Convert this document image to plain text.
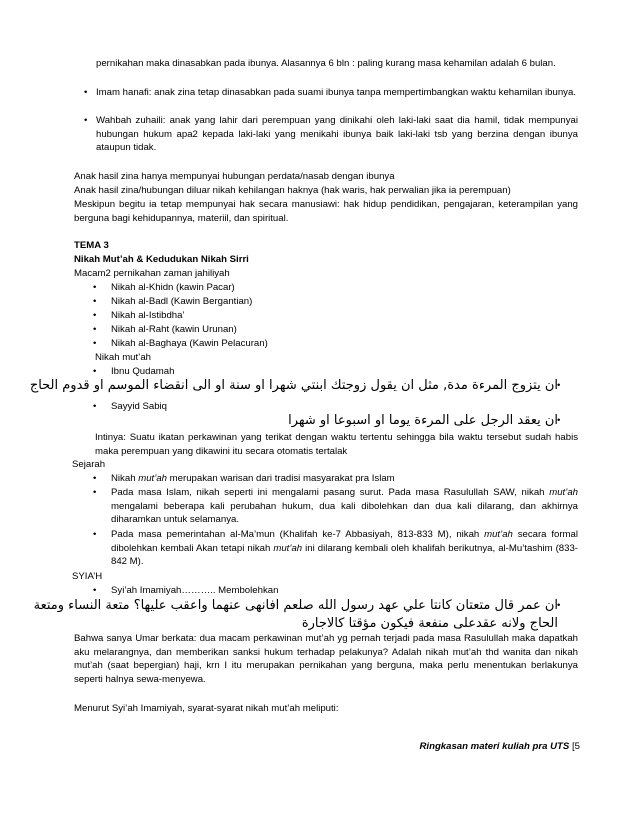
pernikahan maka dinasabkan pada ibunya. Alasannya 6 bln : paling kurang masa kehamilan adalah 6 bulan.
• Imam hanafi: anak zina tetap dinasabkan pada suami ibunya tanpa mempertimbangkan waktu kehamilan ibunya.
• Wahbah zuhaili: anak yang lahir dari perempuan yang dinikahi oleh laki-laki saat dia hamil, tidak mempunyai hubungan hukum apa2 kepada laki-laki yang menikahi ibunya baik laki-laki tsb yang berzina dengan ibunya ataupun tidak.
Anak hasil zina hanya mempunyai hubungan perdata/nasab dengan ibunya
Anak hasil zina/hubungan diluar nikah kehilangan haknya (hak waris, hak perwalian jika ia perempuan)
Meskipun begitu ia tetap mempunyai hak secara manusiawi: hak hidup pendidikan, pengajaran, keterampilan yang berguna bagi kehidupannya, materiil, dan spiritual.
TEMA 3
Nikah Mut’ah & Kedudukan Nikah Sirri
Macam2 pernikahan zaman jahiliyah
• Nikah al-Khidn (kawin Pacar)
• Nikah al-Badl (Kawin Bergantian)
• Nikah al-Istibdha’
• Nikah al-Raht (kawin Urunan)
• Nikah al-Baghaya (Kawin Pelacuran)
Nikah mut’ah
• Ibnu Qudamah
ان يتزوج المرءة مدة, مثل ان يقول زوجتك ابنتي شهرا او سنة او الى انقضاء الموسم او قدوم الحاج •
• Sayyid Sabiq
ان يعقد الرجل على المرءة يوما او اسبوعا او شهرا •
Intinya: Suatu ikatan perkawinan yang terikat dengan waktu tertentu sehingga bila waktu tersebut sudah habis maka perempuan yang dikawini itu secara otomatis tertalak
Sejarah
• Nikah mut’ah merupakan warisan dari tradisi masyarakat pra Islam
• Pada masa Islam, nikah seperti ini mengalami pasang surut. Pada masa Rasulullah SAW, nikah mut’ah mengalami beberapa kali perubahan hukum, dua kali dibolehkan dan dua kali dilarang, dan akhirnya diharamkan untuk selamanya.
• Pada masa pemerintahan al-Ma’mun (Khalifah ke-7 Abbasiyah, 813-833 M), nikah mut’ah secara formal dibolehkan kembali Akan tetapi nikah mut’ah ini dilarang kembali oleh khalifah berikutnya, al-Mu’tashim (833-842 M).
SYIA’H
• Syi’ah Imamiyah……….. Membolehkan
ان عمر قال متعتان كانتا علي عهد رسول الله صلعم افانهى عنهما واعقب عليها؟ متعة النساء ومتعة •
الحاج ولانه عقدعلى منفعة فيكون مؤقتا كالاجارة
Bahwa sanya Umar berkata: dua macam perkawinan mut’ah yg pernah terjadi pada masa Rasulullah maka dapatkah aku melarangnya, dan memberikan sanksi hukum terhadap pelakunya? Adalah nikah mut’ah thd wanita dan nikah mut’ah (saat bepergian) haji, krn I itu merupakan pernikahan yang berguna, maka perlu menentukan berlakunya seperti halnya sewa-menyewa.
Menurut Syi’ah Imamiyah, syarat-syarat nikah mut’ah meliputi:
Ringkasan materi kuliah pra UTS [5
